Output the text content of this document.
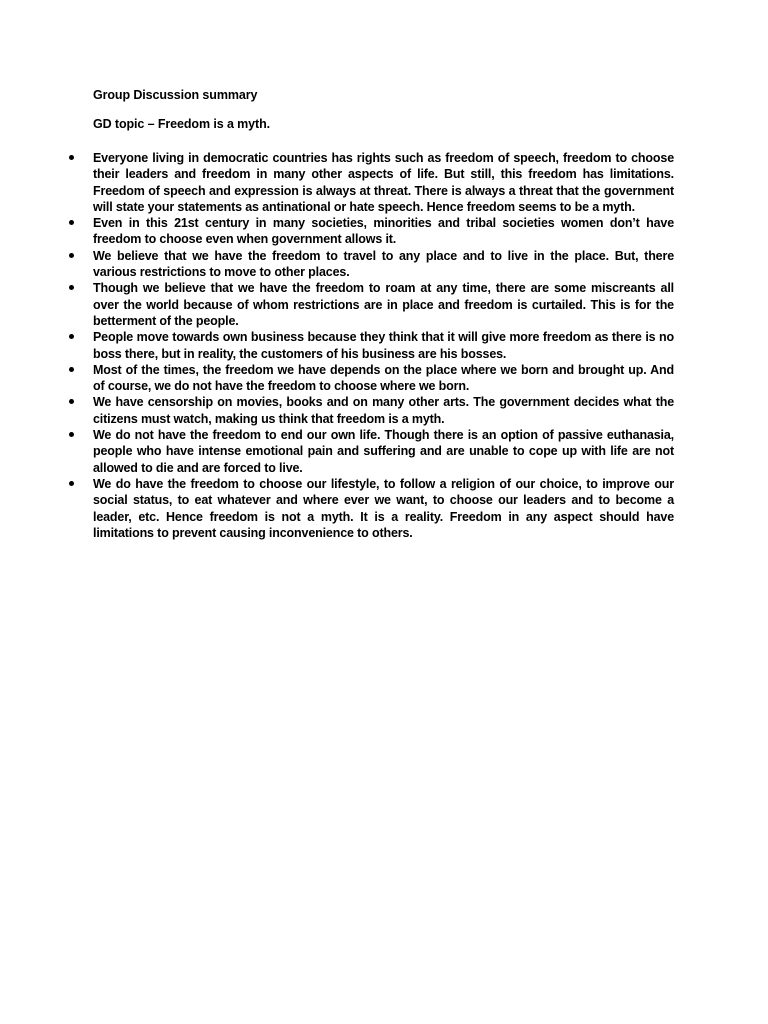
Group Discussion summary
GD topic – Freedom is a myth.
Everyone living in democratic countries has rights such as freedom of speech, freedom to choose their leaders and freedom in many other aspects of life. But still, this freedom has limitations. Freedom of speech and expression is always at threat. There is always a threat that the government will state your statements as antinational or hate speech. Hence freedom seems to be a myth.
Even in this 21st century in many societies, minorities and tribal societies women don’t have freedom to choose even when government allows it.
We believe that we have the freedom to travel to any place and to live in the place. But, there various restrictions to move to other places.
Though we believe that we have the freedom to roam at any time, there are some miscreants all over the world because of whom restrictions are in place and freedom is curtailed. This is for the betterment of the people.
People move towards own business because they think that it will give more freedom as there is no boss there, but in reality, the customers of his business are his bosses.
Most of the times, the freedom we have depends on the place where we born and brought up. And of course, we do not have the freedom to choose where we born.
We have censorship on movies, books and on many other arts. The government decides what the citizens must watch, making us think that freedom is a myth.
We do not have the freedom to end our own life. Though there is an option of passive euthanasia, people who have intense emotional pain and suffering and are unable to cope up with life are not allowed to die and are forced to live.
We do have the freedom to choose our lifestyle, to follow a religion of our choice, to improve our social status, to eat whatever and where ever we want, to choose our leaders and to become a leader, etc. Hence freedom is not a myth. It is a reality. Freedom in any aspect should have limitations to prevent causing inconvenience to others.
